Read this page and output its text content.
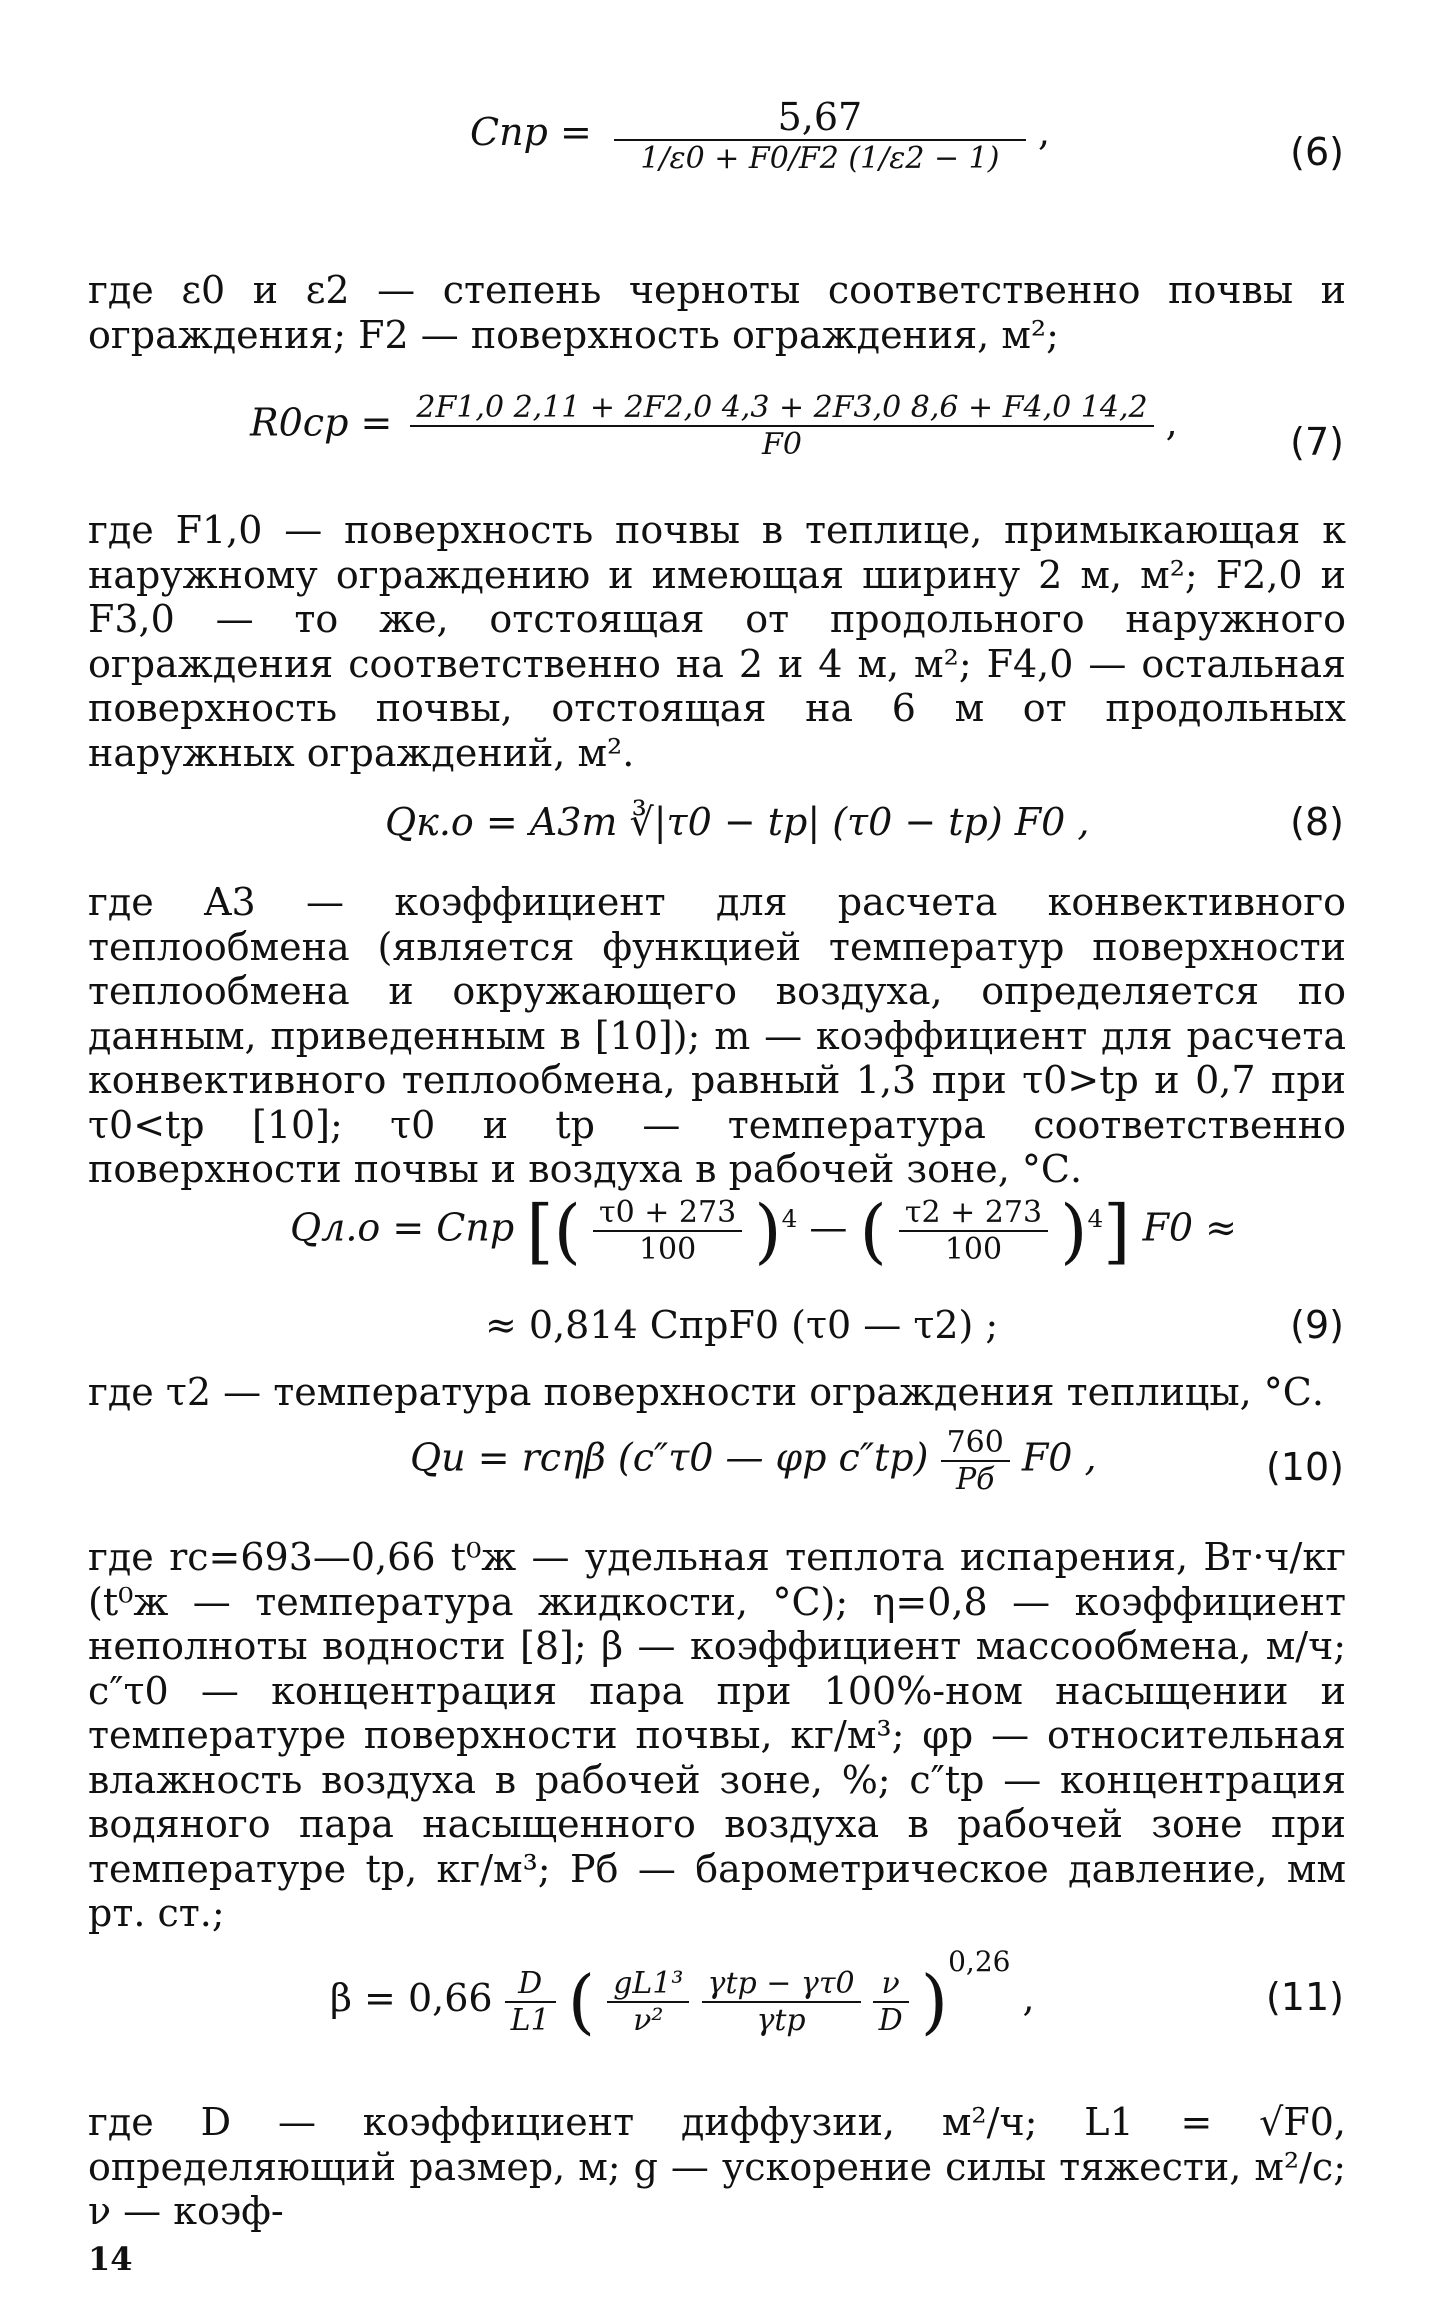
Cпр = $\frac{5,67}{1/\varepsilon 0 + F0/F2 (1/\varepsilon 2 - 1)}$ ,	(6)

где ε0 и ε2 — степень черноты соответственно почвы и ограждения; F2 — поверхность ограждения, м²;

$R0ср = \frac{2F1,0 2,11 + 2F2,0 4,3 + 2F3,0 8,6 + F4,0 14,2}{F0}$ ,	(7)

где F1,0 — поверхность почвы в теплице, примыкающая к наружному ограждению и имеющая ширину 2 м, м²; F2,0 и F3,0 — то же, отстоящая от продольного наружного ограждения соответственно на 2 и 4 м, м²; F4,0 — остальная поверхность почвы, отстоящая на 6 м от продольных наружных ограждений, м².

Qк.о = A3m ∛|τ0 − tр| (τ0 − tр) F0 ,	(8)

где A3 — коэффициент для расчета конвективного теплообмена (является функцией температур поверхности теплообмена и окружающего воздуха, определяется по данным, приведенным в [10]); m — коэффициент для расчета конвективного теплообмена, равный 1,3 при τ0>tр и 0,7 при τ0<tр [10]; τ0 и tр — температура соответственно поверхности почвы и воздуха в рабочей зоне, °С.

Qл.о = Cпр [( $\frac{\tau 0 + 273}{100} )^4$ — ( $\frac{\tau 2 + 273}{100} )^4$] F0 ≈
≈ 0,814 CпрF0 (τ0 — τ2) ;	(9)

где τ2 — температура поверхности ограждения теплицы, °С.

Qи = rсηβ (c″τ0 — φр $c''tр) \frac{760}{Pб} F0$ ,	(10)

где rс=693—0,66 t⁰ж — удельная теплота испарения, Вт·ч/кг (t⁰ж — температура жидкости, °С); η=0,8 — коэффициент неполноты водности [8]; β — коэффициент массообмена, м/ч; c″τ0 — концентрация пара при 100%-ном насыщении и температуре поверхности почвы, кг/м³; φр — относительная влажность воздуха в рабочей зоне, %; c″tр — концентрация водяного пара насыщенного воздуха в рабочей зоне при температуре tр, кг/м³; Pб — барометрическое давление, мм рт. ст.;

$\beta = 0,66 \frac{D}{L1}$ ( $\frac{\text{gL1³}}{\text{ν²}}$
$\frac{\text{γtр − γτ0}}{\text{γtр}}$
$\frac{\nu}{D} )^{0,26}$ ,	(11)

где D — коэффициент диффузии, м²/ч; L1 = √F0, определяющий размер, м; g — ускорение силы тяжести, м²/с; ν — коэф-

14
